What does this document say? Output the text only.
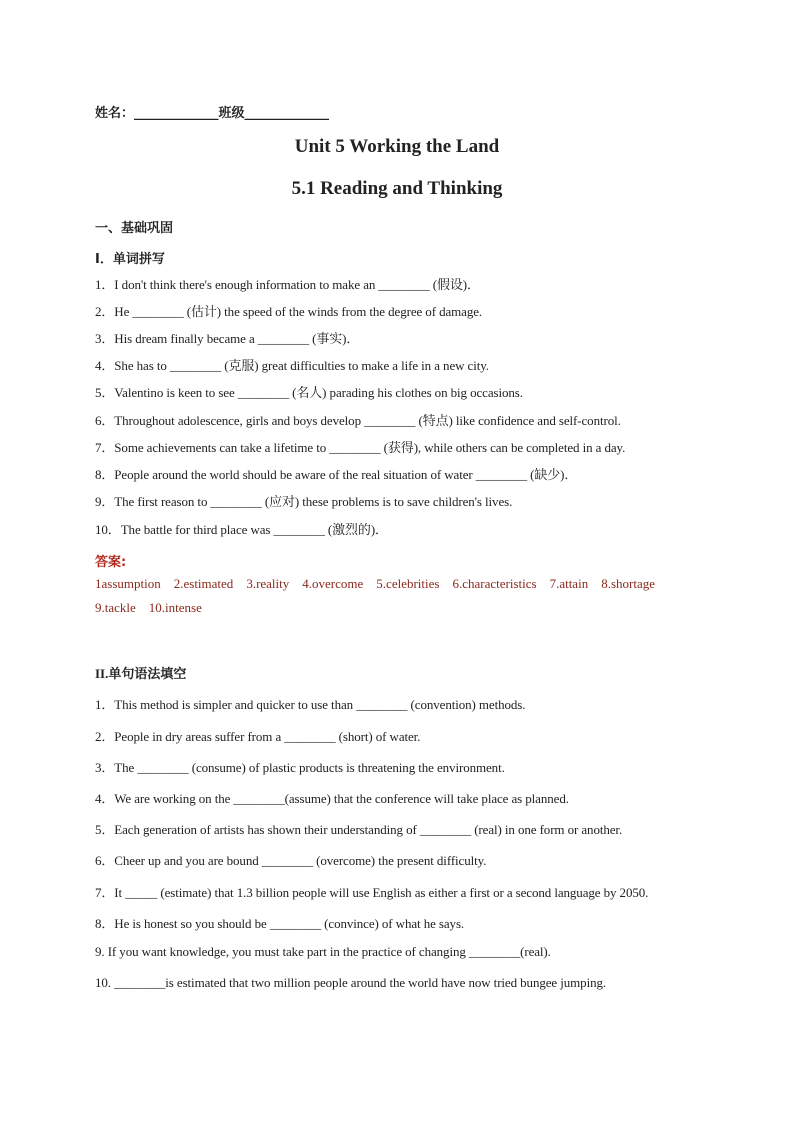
姓名：_____________班级_____________
Unit 5 Working the Land
5.1 Reading and Thinking
一、基础巩固
I．单词拼写
1．I don't think there's enough information to make an ________ (假设)．
2．He ________ (估计) the speed of the winds from the degree of damage.
3．His dream finally became a ________ (事实)．
4．She has to ________ (克服) great difficulties to make a life in a new city.
5．Valentino is keen to see ________ (名人) parading his clothes on big occasions.
6．Throughout adolescence, girls and boys develop ________ (特点) like confidence and self-control.
7．Some achievements can take a lifetime to ________ (获得), while others can be completed in a day.
8．People around the world should be aware of the real situation of water ________ (缺少)．
9．The first reason to ________ (应对) these problems is to save children's lives.
10．The battle for third place was ________ (激烈的)．
答案:
1assumption 2.estimated 3.reality 4.overcome 5.celebrities 6.characteristics 7.attain 8.shortage
9.tackle 10.intense
II.单句语法填空
1．This method is simpler and quicker to use than ________ (convention) methods.
2．People in dry areas suffer from a ________ (short) of water.
3．The ________ (consume) of plastic products is threatening the environment.
4．We are working on the ________(assume) that the conference will take place as planned.
5．Each generation of artists has shown their understanding of ________ (real) in one form or another.
6．Cheer up and you are bound ________ (overcome) the present difficulty.
7．It _____ (estimate) that 1.3 billion people will use English as either a first or a second language by 2050.
8．He is honest so you should be ________ (convince) of what he says.
9. If you want knowledge, you must take part in the practice of changing ________(real).
10. ________is estimated that two million people around the world have now tried bungee jumping.
